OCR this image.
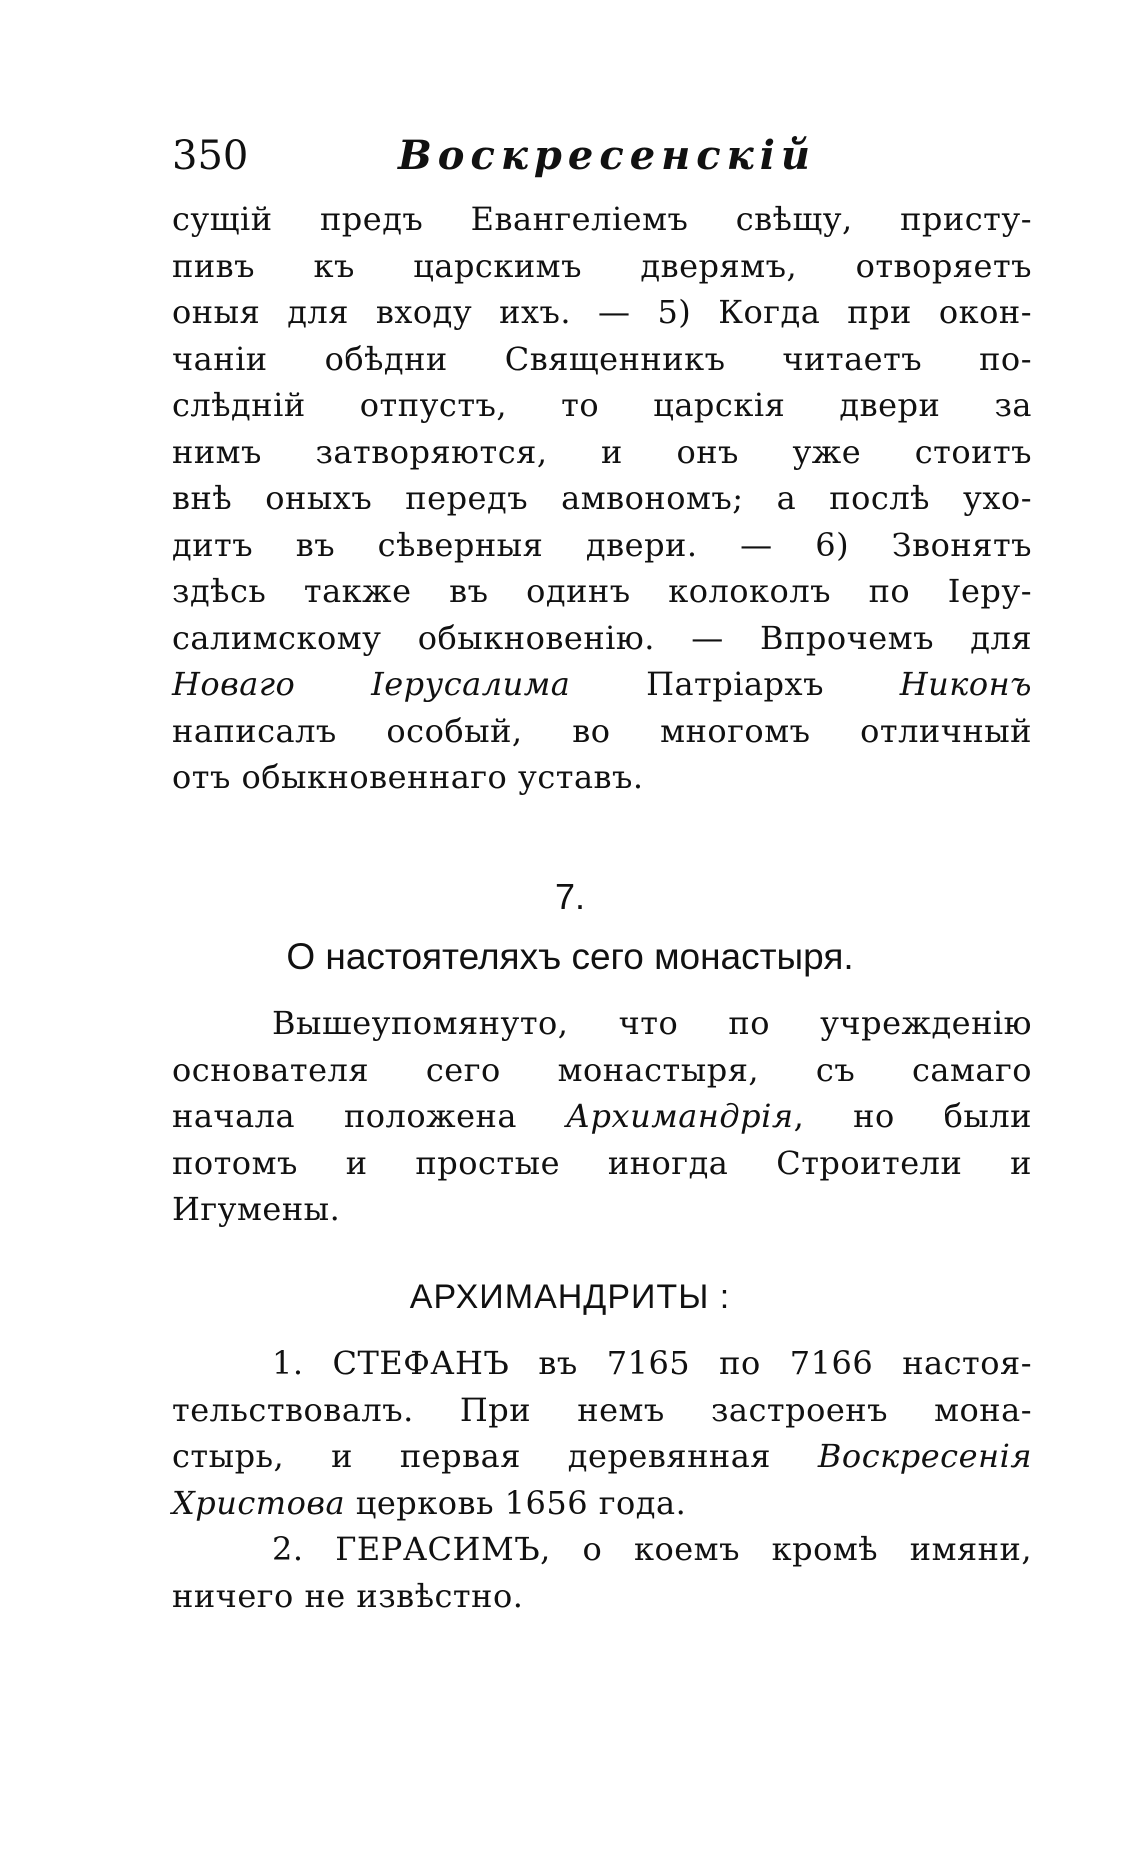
350	Воскресенскій
сущій предъ Евангеліемъ свѣщу, присту-
пивъ къ царскимъ дверямъ, отворяетъ
оныя для входу ихъ. — 5) Когда при окон-
чаніи обѣдни Священникъ читаетъ по-
слѣдній отпустъ, то царскія двери за
нимъ затворяются, и онъ уже стоитъ
внѣ оныхъ передъ амвономъ; а послѣ ухо-
дитъ въ сѣверныя двери. — 6) Звонятъ
здѣсь также въ одинъ колоколъ по Іеру-
салимскому обыкновенію. — Впрочемъ для
Новаго Іерусалима Патріархъ Никонъ
написалъ особый, во многомъ отличный
отъ обыкновеннаго уставъ.
7.
О настоятеляхъ сего монастыря.
Вышеупомянуто, что по учрежденію
основателя сего монастыря, съ самаго
начала положена Архимандрія, но были
потомъ и простые иногда Строители и
Игумены.
АРХИМАНДРИТЫ :
1. СТЕФАНЪ въ 7165 по 7166 настоя-
тельствовалъ. При немъ застроенъ мона-
стырь, и первая деревянная Воскресенія
Христова церковь 1656 года.
2. ГЕРАСИМЪ, о коемъ кромѣ имяни,
ничего не извѣстно.
